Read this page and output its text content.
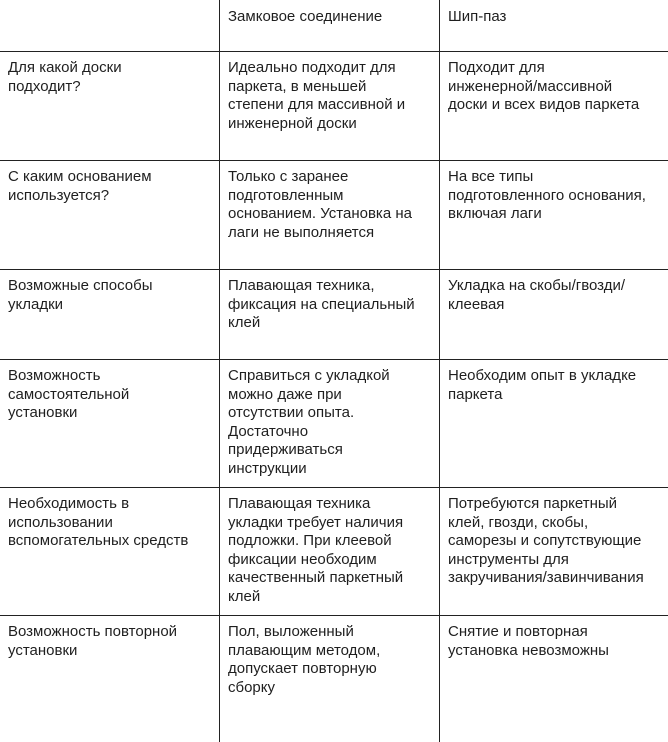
Замковое соединение	Шип-паз
Для какой доски
подходит?
Идеально подходит для
паркета, в меньшей
степени для массивной и
инженерной доски
Подходит для
инженерной/массивной
доски и всех видов паркета
С каким основанием
используется?
Только с заранее
подготовленным
основанием. Установка на
лаги не выполняется
На все типы
подготовленного основания,
включая лаги
Возможные способы
укладки
Плавающая техника,
фиксация на специальный
клей
Укладка на скобы/гвозди/
клеевая
Возможность
самостоятельной
установки
Справиться с укладкой
можно даже при
отсутствии опыта.
Достаточно
придерживаться
инструкции
Необходим опыт в укладке
паркета
Необходимость в
использовании
вспомогательных средств
Плавающая техника
укладки требует наличия
подложки. При клеевой
фиксации необходим
качественный паркетный
клей
Потребуются паркетный
клей, гвозди, скобы,
саморезы и сопутствующие
инструменты для
закручивания/завинчивания
Возможность повторной
установки
Пол, выложенный
плавающим методом,
допускает повторную
сборку
Снятие и повторная
установка невозможны
